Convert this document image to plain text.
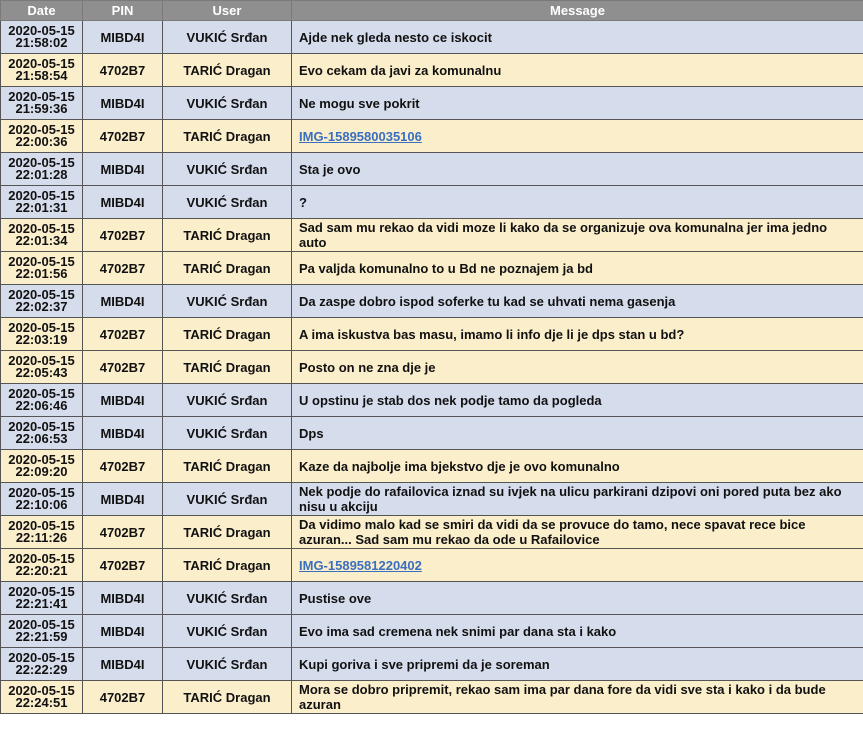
Date	PIN	User	Message

2020-05-15
21:58:02	MIBD4I	VUKIĆ Srđan	Ajde nek gleda nesto ce iskocit

2020-05-15
21:58:54	4702B7	TARIĆ Dragan	Evo cekam da javi za komunalnu

2020-05-15
21:59:36	MIBD4I	VUKIĆ Srđan	Ne mogu sve pokrit

2020-05-15
22:00:36	4702B7	TARIĆ Dragan	IMG-1589580035106

2020-05-15
22:01:28	MIBD4I	VUKIĆ Srđan	Sta je ovo

2020-05-15
22:01:31	MIBD4I	VUKIĆ Srđan	?

2020-05-15
22:01:34	4702B7	TARIĆ Dragan	Sad sam mu rekao da vidi moze li kako da se organizuje ova komunalna jer ima jedno auto

2020-05-15
22:01:56	4702B7	TARIĆ Dragan	Pa valjda komunalno to u Bd ne poznajem ja bd

2020-05-15
22:02:37	MIBD4I	VUKIĆ Srđan	Da zaspe dobro ispod soferke tu kad se uhvati nema gasenja

2020-05-15
22:03:19	4702B7	TARIĆ Dragan	A ima iskustva bas masu, imamo li info dje li je dps stan u bd?

2020-05-15
22:05:43	4702B7	TARIĆ Dragan	Posto on ne zna dje je

2020-05-15
22:06:46	MIBD4I	VUKIĆ Srđan	U opstinu je stab dos nek podje tamo da pogleda

2020-05-15
22:06:53	MIBD4I	VUKIĆ Srđan	Dps

2020-05-15
22:09:20	4702B7	TARIĆ Dragan	Kaze da najbolje ima bjekstvo dje je ovo komunalno

2020-05-15
22:10:06	MIBD4I	VUKIĆ Srđan	Nek podje do rafailovica iznad su ivjek na ulicu parkirani dzipovi oni pored puta bez ako nisu u akciju

2020-05-15
22:11:26	4702B7	TARIĆ Dragan	Da vidimo malo kad se smiri da vidi da se provuce do tamo, nece spavat rece bice azuran... Sad sam mu rekao da ode u Rafailovice

2020-05-15
22:20:21	4702B7	TARIĆ Dragan	IMG-1589581220402

2020-05-15
22:21:41	MIBD4I	VUKIĆ Srđan	Pustise ove

2020-05-15
22:21:59	MIBD4I	VUKIĆ Srđan	Evo ima sad cremena nek snimi par dana sta i kako

2020-05-15
22:22:29	MIBD4I	VUKIĆ Srđan	Kupi goriva i sve pripremi da je soreman

2020-05-15
22:24:51	4702B7	TARIĆ Dragan	Mora se dobro pripremit, rekao sam ima par dana fore da vidi sve sta i kako i da bude azuran
